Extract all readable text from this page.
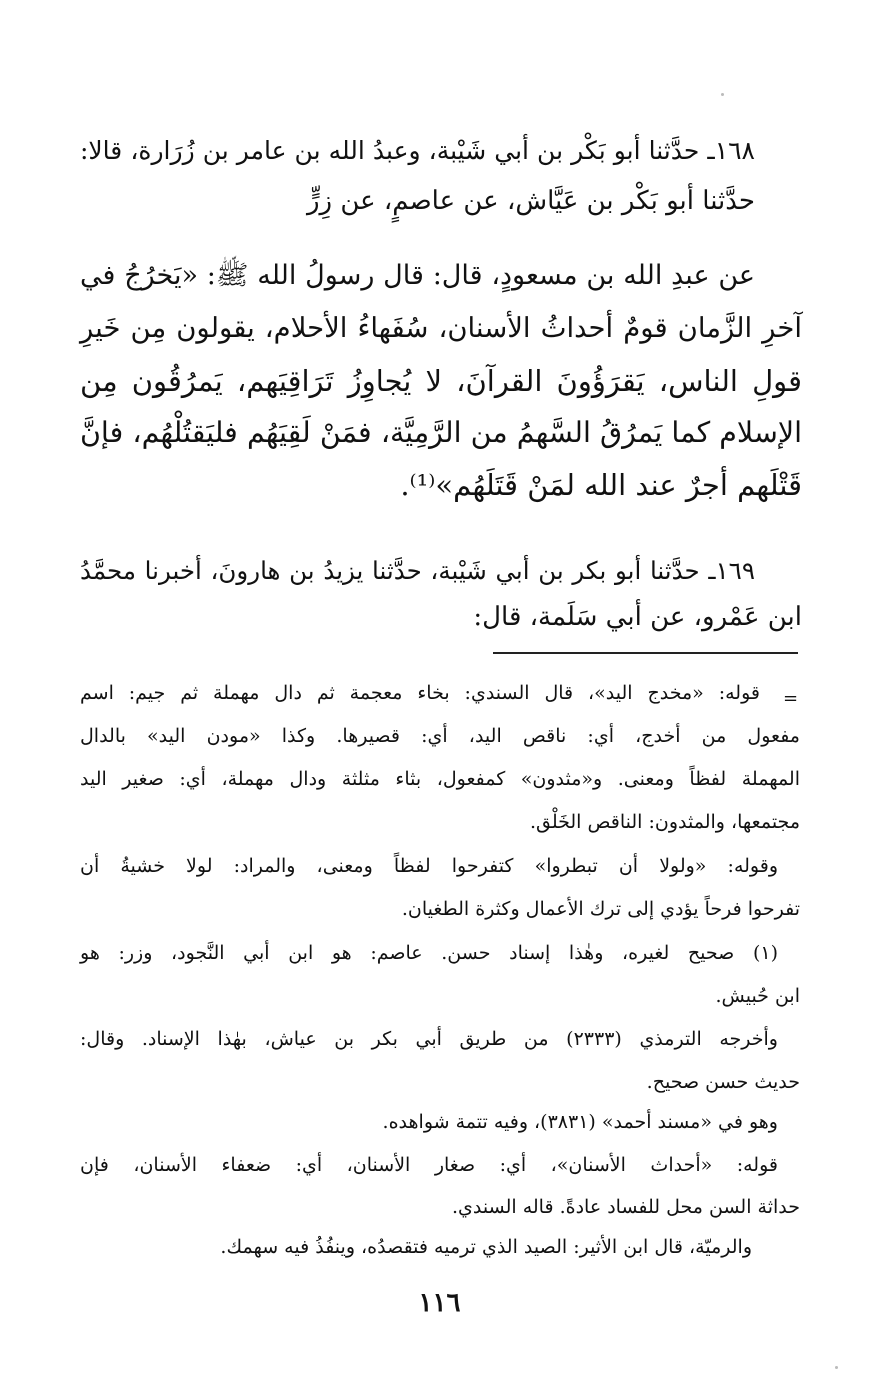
١٦٨ـ حدَّثنا أبو بَكْر بن أبي شَيْبة، وعبدُ الله بن عامر بن زُرَارة، قالا:
حدَّثنا أبو بَكْر بن عَيَّاش، عن عاصمٍ، عن زِرٍّ
عن عبدِ الله بن مسعودٍ، قال: قال رسولُ الله ﷺ: «يَخرُجُ في
آخرِ الزَّمان قومٌ أحداثُ الأسنان، سُفَهاءُ الأحلام، يقولون مِن خَيرِ
قولِ الناس، يَقرَؤُونَ القرآنَ، لا يُجاوِزُ تَرَاقِيَهم، يَمرُقُون مِن
الإسلام كما يَمرُقُ السَّهمُ من الرَّمِيَّة، فمَنْ لَقِيَهُم فليَقتُلْهُم، فإنَّ
قَتْلَهم أجرٌ عند الله لمَنْ قَتَلَهُم»⁽¹⁾.
١٦٩ـ حدَّثنا أبو بكر بن أبي شَيْبة، حدَّثنا يزيدُ بن هارونَ، أخبرنا محمَّدُ
ابن عَمْرو، عن أبي سَلَمة، قال:
=
قوله: «مخدج اليد»، قال السندي: بخاء معجمة ثم دال مهملة ثم جيم: اسم
مفعول من أخدج، أي: ناقص اليد، أي: قصيرها. وكذا «مودن اليد» بالدال
المهملة لفظاً ومعنى. و«مثدون» كمفعول، بثاء مثلثة ودال مهملة، أي: صغير اليد
مجتمعها، والمثدون: الناقص الخَلْق.
وقوله: «ولولا أن تبطروا» كتفرحوا لفظاً ومعنى، والمراد: لولا خشيةُ أن
تفرحوا فرحاً يؤدي إلى ترك الأعمال وكثرة الطغيان.
(١) صحيح لغيره، وهٰذا إسناد حسن. عاصم: هو ابن أبي النَّجود، وزر: هو
ابن حُبيش.
وأخرجه الترمذي (٢٣٣٣) من طريق أبي بكر بن عياش، بهٰذا الإسناد. وقال:
حديث حسن صحيح.
وهو في «مسند أحمد» (٣٨٣١)، وفيه تتمة شواهده.
قوله: «أحداث الأسنان»، أي: صغار الأسنان، أي: ضعفاء الأسنان، فإن
حداثة السن محل للفساد عادةً. قاله السندي.
والرميّة، قال ابن الأثير: الصيد الذي ترميه فتقصدُه، وينفُذُ فيه سهمك.
١١٦
